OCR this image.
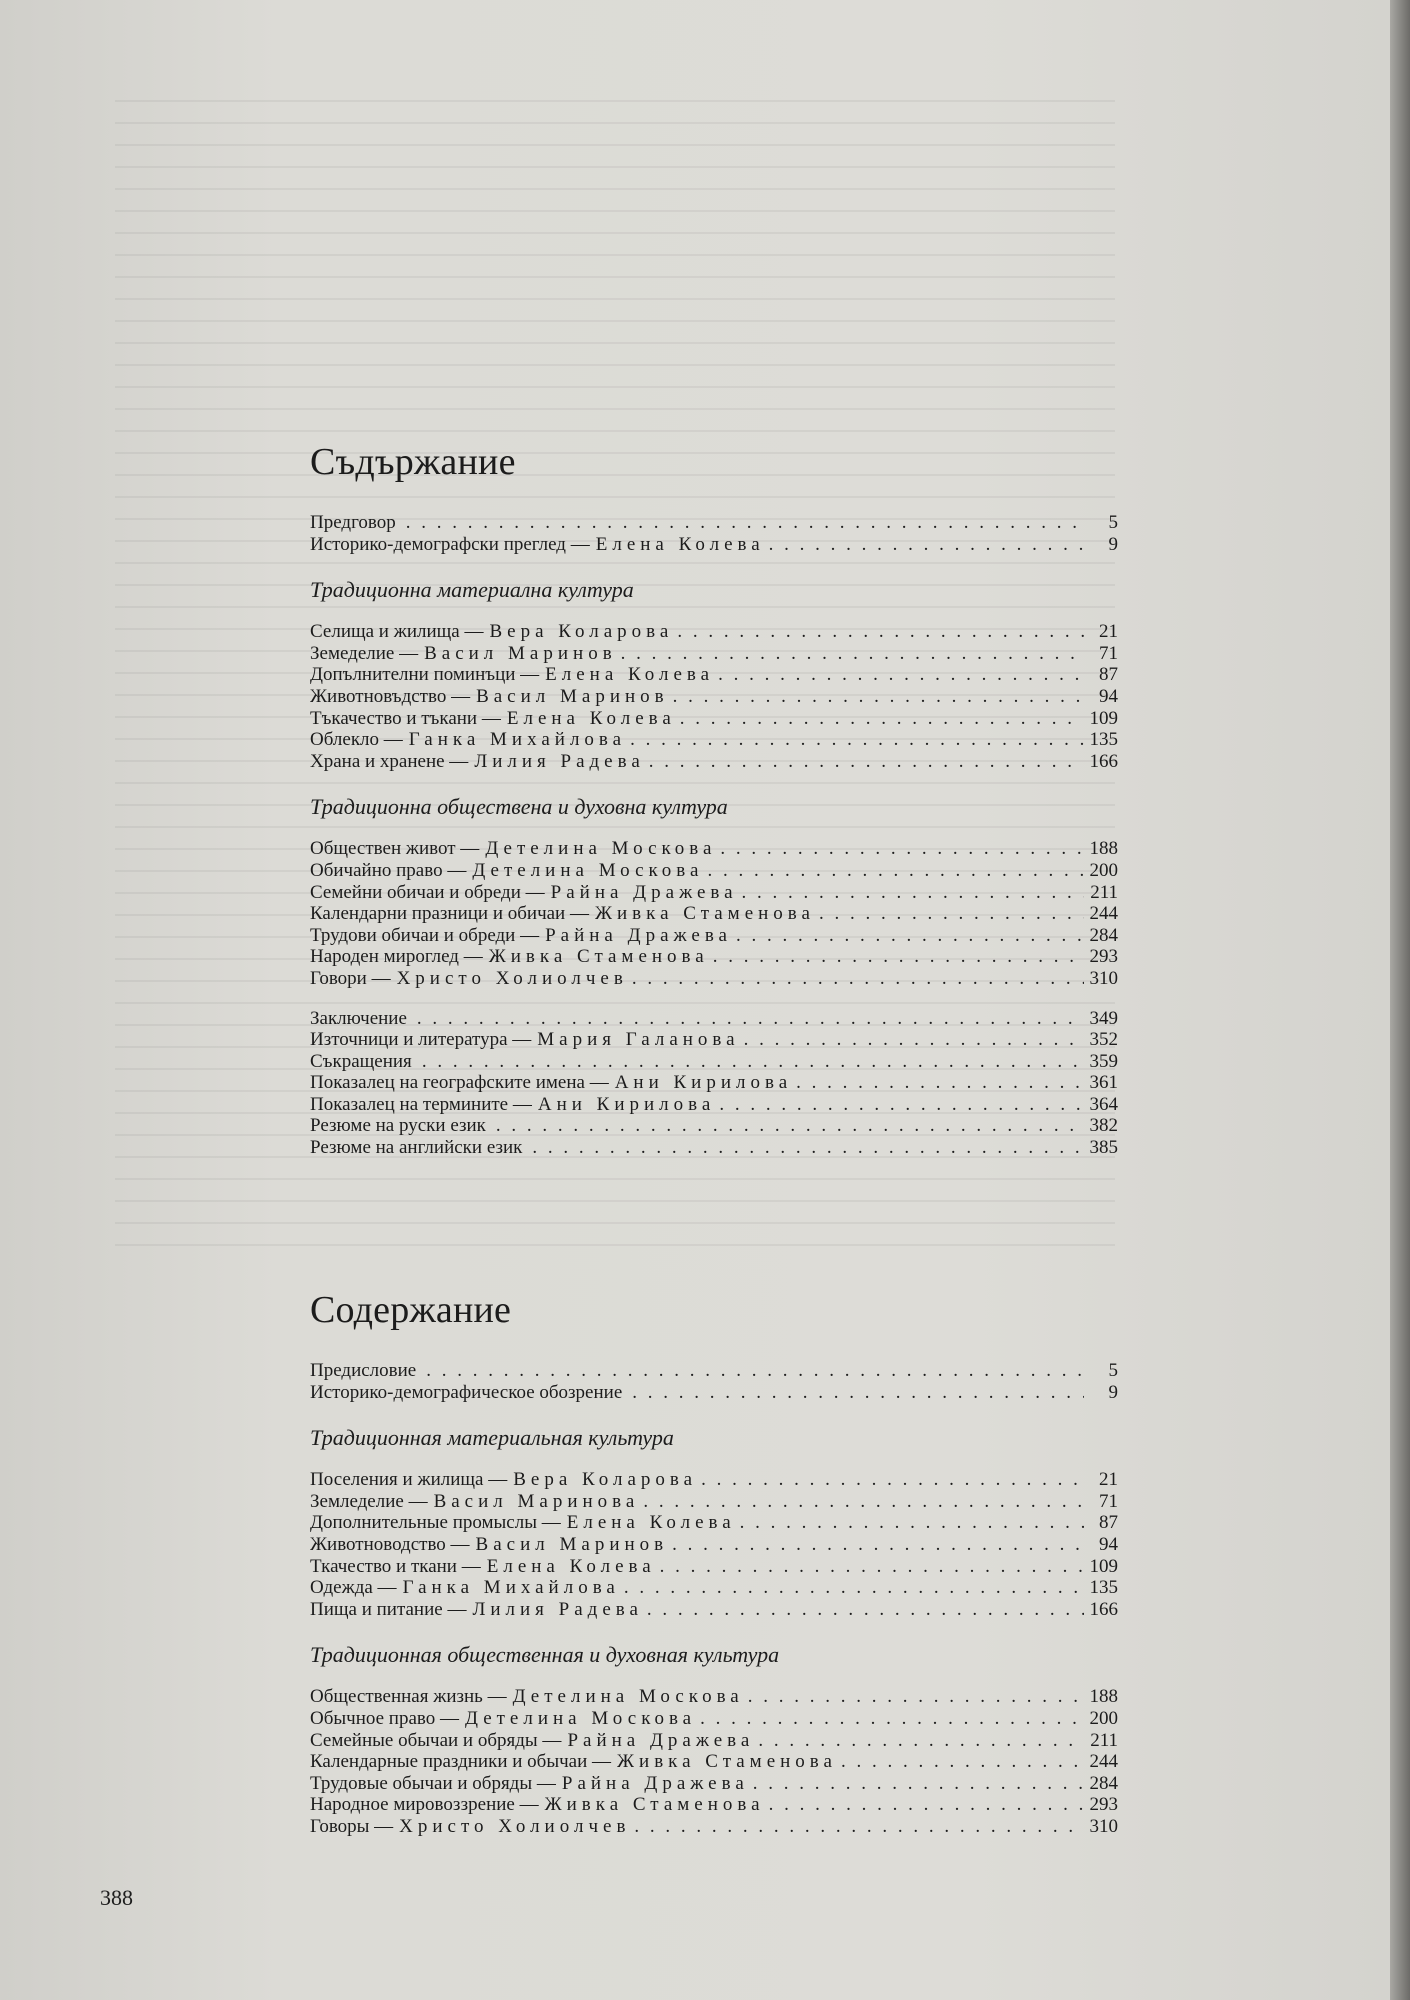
Съдържание
Предговор . . .	5
Историко-демографски преглед — Елена Колева . . .	9
Традиционна материална култура
Селища и жилища — Вера Коларова . . .	21
Земеделие — Васил Маринов . . .	71
Допълнителни поминъци — Елена Колева . . .	87
Животновъдство — Васил Маринов . . .	94
Тъкачество и тъкани — Елена Колева . . .	109
Облекло — Ганка Михайлова . . .	135
Храна и хранене — Лилия Радева . . .	166
Традиционна обществена и духовна култура
Обществен живот — Детелина Москова . . .	188
Обичайно право — Детелина Москова . . .	200
Семейни обичаи и обреди — Райна Дражева . . .	211
Календарни празници и обичаи — Живка Стаменова . . .	244
Трудови обичаи и обреди — Райна Дражева . . .	284
Народен мироглед — Живка Стаменова . . .	293
Говори — Христо Холиолчев . . .	310
Заключение . . .	349
Източници и литература — Мария Галанова . . .	352
Съкращения . . .	359
Показалец на географските имена — Ани Кирилова . . .	361
Показалец на термините — Ани Кирилова . . .	364
Резюме на руски език . . .	382
Резюме на английски език . . .	385
Содержание
Предисловие . . .	5
Историко-демографическое обозрение . . .	9
Традиционная материальная культура
Поселения и жилища — Вера Коларова . . .	21
Земледелие — Васил Маринова . . .	71
Дополнительные промыслы — Елена Колева . . .	87
Животноводство — Васил Маринов . . .	94
Ткачество и ткани — Елена Колева . . .	109
Одежда — Ганка Михайлова . . .	135
Пища и питание — Лилия Радева . . .	166
Традиционная общественная и духовная культура
Общественная жизнь — Детелина Москова . . .	188
Обычное право — Детелина Москова . . .	200
Семейные обычаи и обряды — Райна Дражева . . .	211
Календарные праздники и обычаи — Живка Стаменова . . .	244
Трудовые обычаи и обряды — Райна Дражева . . .	284
Народное мировоззрение — Живка Стаменова . . .	293
Говоры — Христо Холиолчев . . .	310
388
